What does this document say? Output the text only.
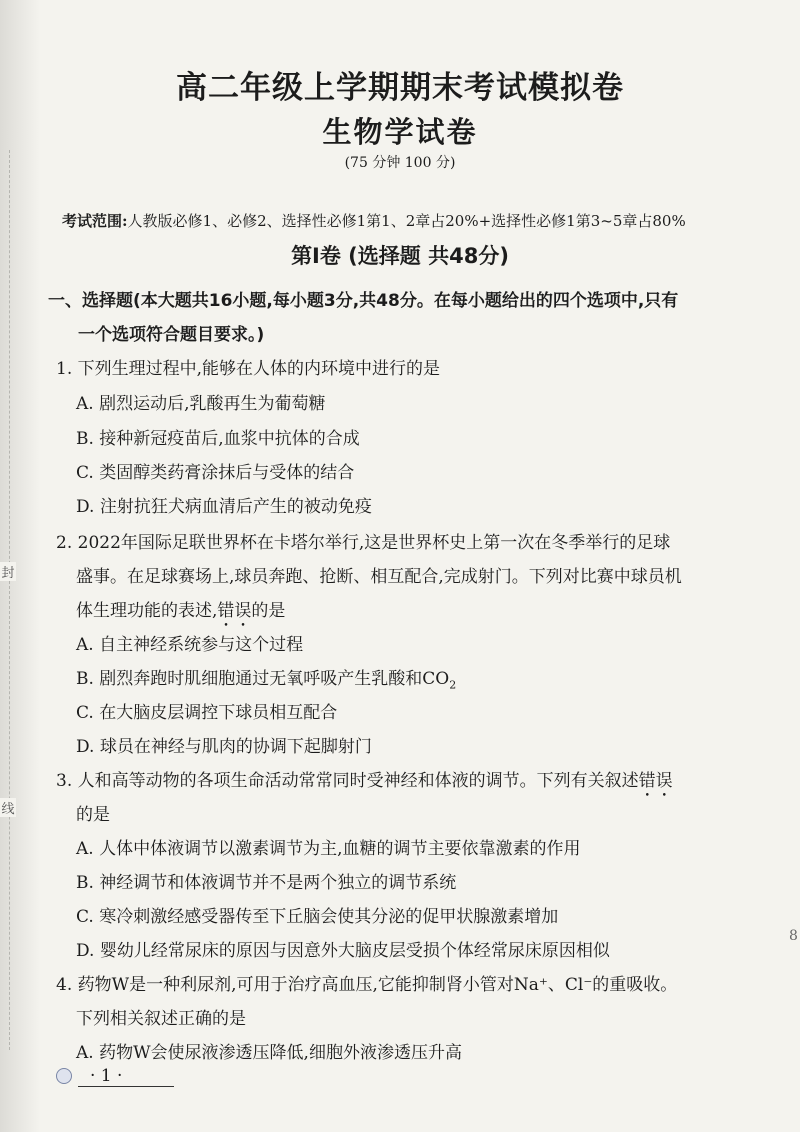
封
线
8
高二年级上学期期末考试模拟卷
生物学试卷
(75 分钟 100 分)
考试范围:人教版必修1、必修2、选择性必修1第1、2章占20%+选择性必修1第3~5章占80%
第Ⅰ卷 (选择题 共48分)
一、选择题(本大题共16小题,每小题3分,共48分。在每小题给出的四个选项中,只有
一个选项符合题目要求。)
1. 下列生理过程中,能够在人体的内环境中进行的是
A. 剧烈运动后,乳酸再生为葡萄糖
B. 接种新冠疫苗后,血浆中抗体的合成
C. 类固醇类药膏涂抹后与受体的结合
D. 注射抗狂犬病血清后产生的被动免疫
2. 2022年国际足联世界杯在卡塔尔举行,这是世界杯史上第一次在冬季举行的足球
盛事。在足球赛场上,球员奔跑、抢断、相互配合,完成射门。下列对比赛中球员机
体生理功能的表述,错误的是
A. 自主神经系统参与这个过程
B. 剧烈奔跑时肌细胞通过无氧呼吸产生乳酸和$CO_2$
C. 在大脑皮层调控下球员相互配合
D. 球员在神经与肌肉的协调下起脚射门
3. 人和高等动物的各项生命活动常常同时受神经和体液的调节。下列有关叙述错误
的是
A. 人体中体液调节以激素调节为主,血糖的调节主要依靠激素的作用
B. 神经调节和体液调节并不是两个独立的调节系统
C. 寒冷刺激经感受器传至下丘脑会使其分泌的促甲状腺激素增加
D. 婴幼儿经常尿床的原因与因意外大脑皮层受损个体经常尿床原因相似
4. 药物W是一种利尿剂,可用于治疗高血压,它能抑制肾小管对Na⁺、Cl⁻的重吸收。
下列相关叙述正确的是
A. 药物W会使尿液渗透压降低,细胞外液渗透压升高
· 1 ·
